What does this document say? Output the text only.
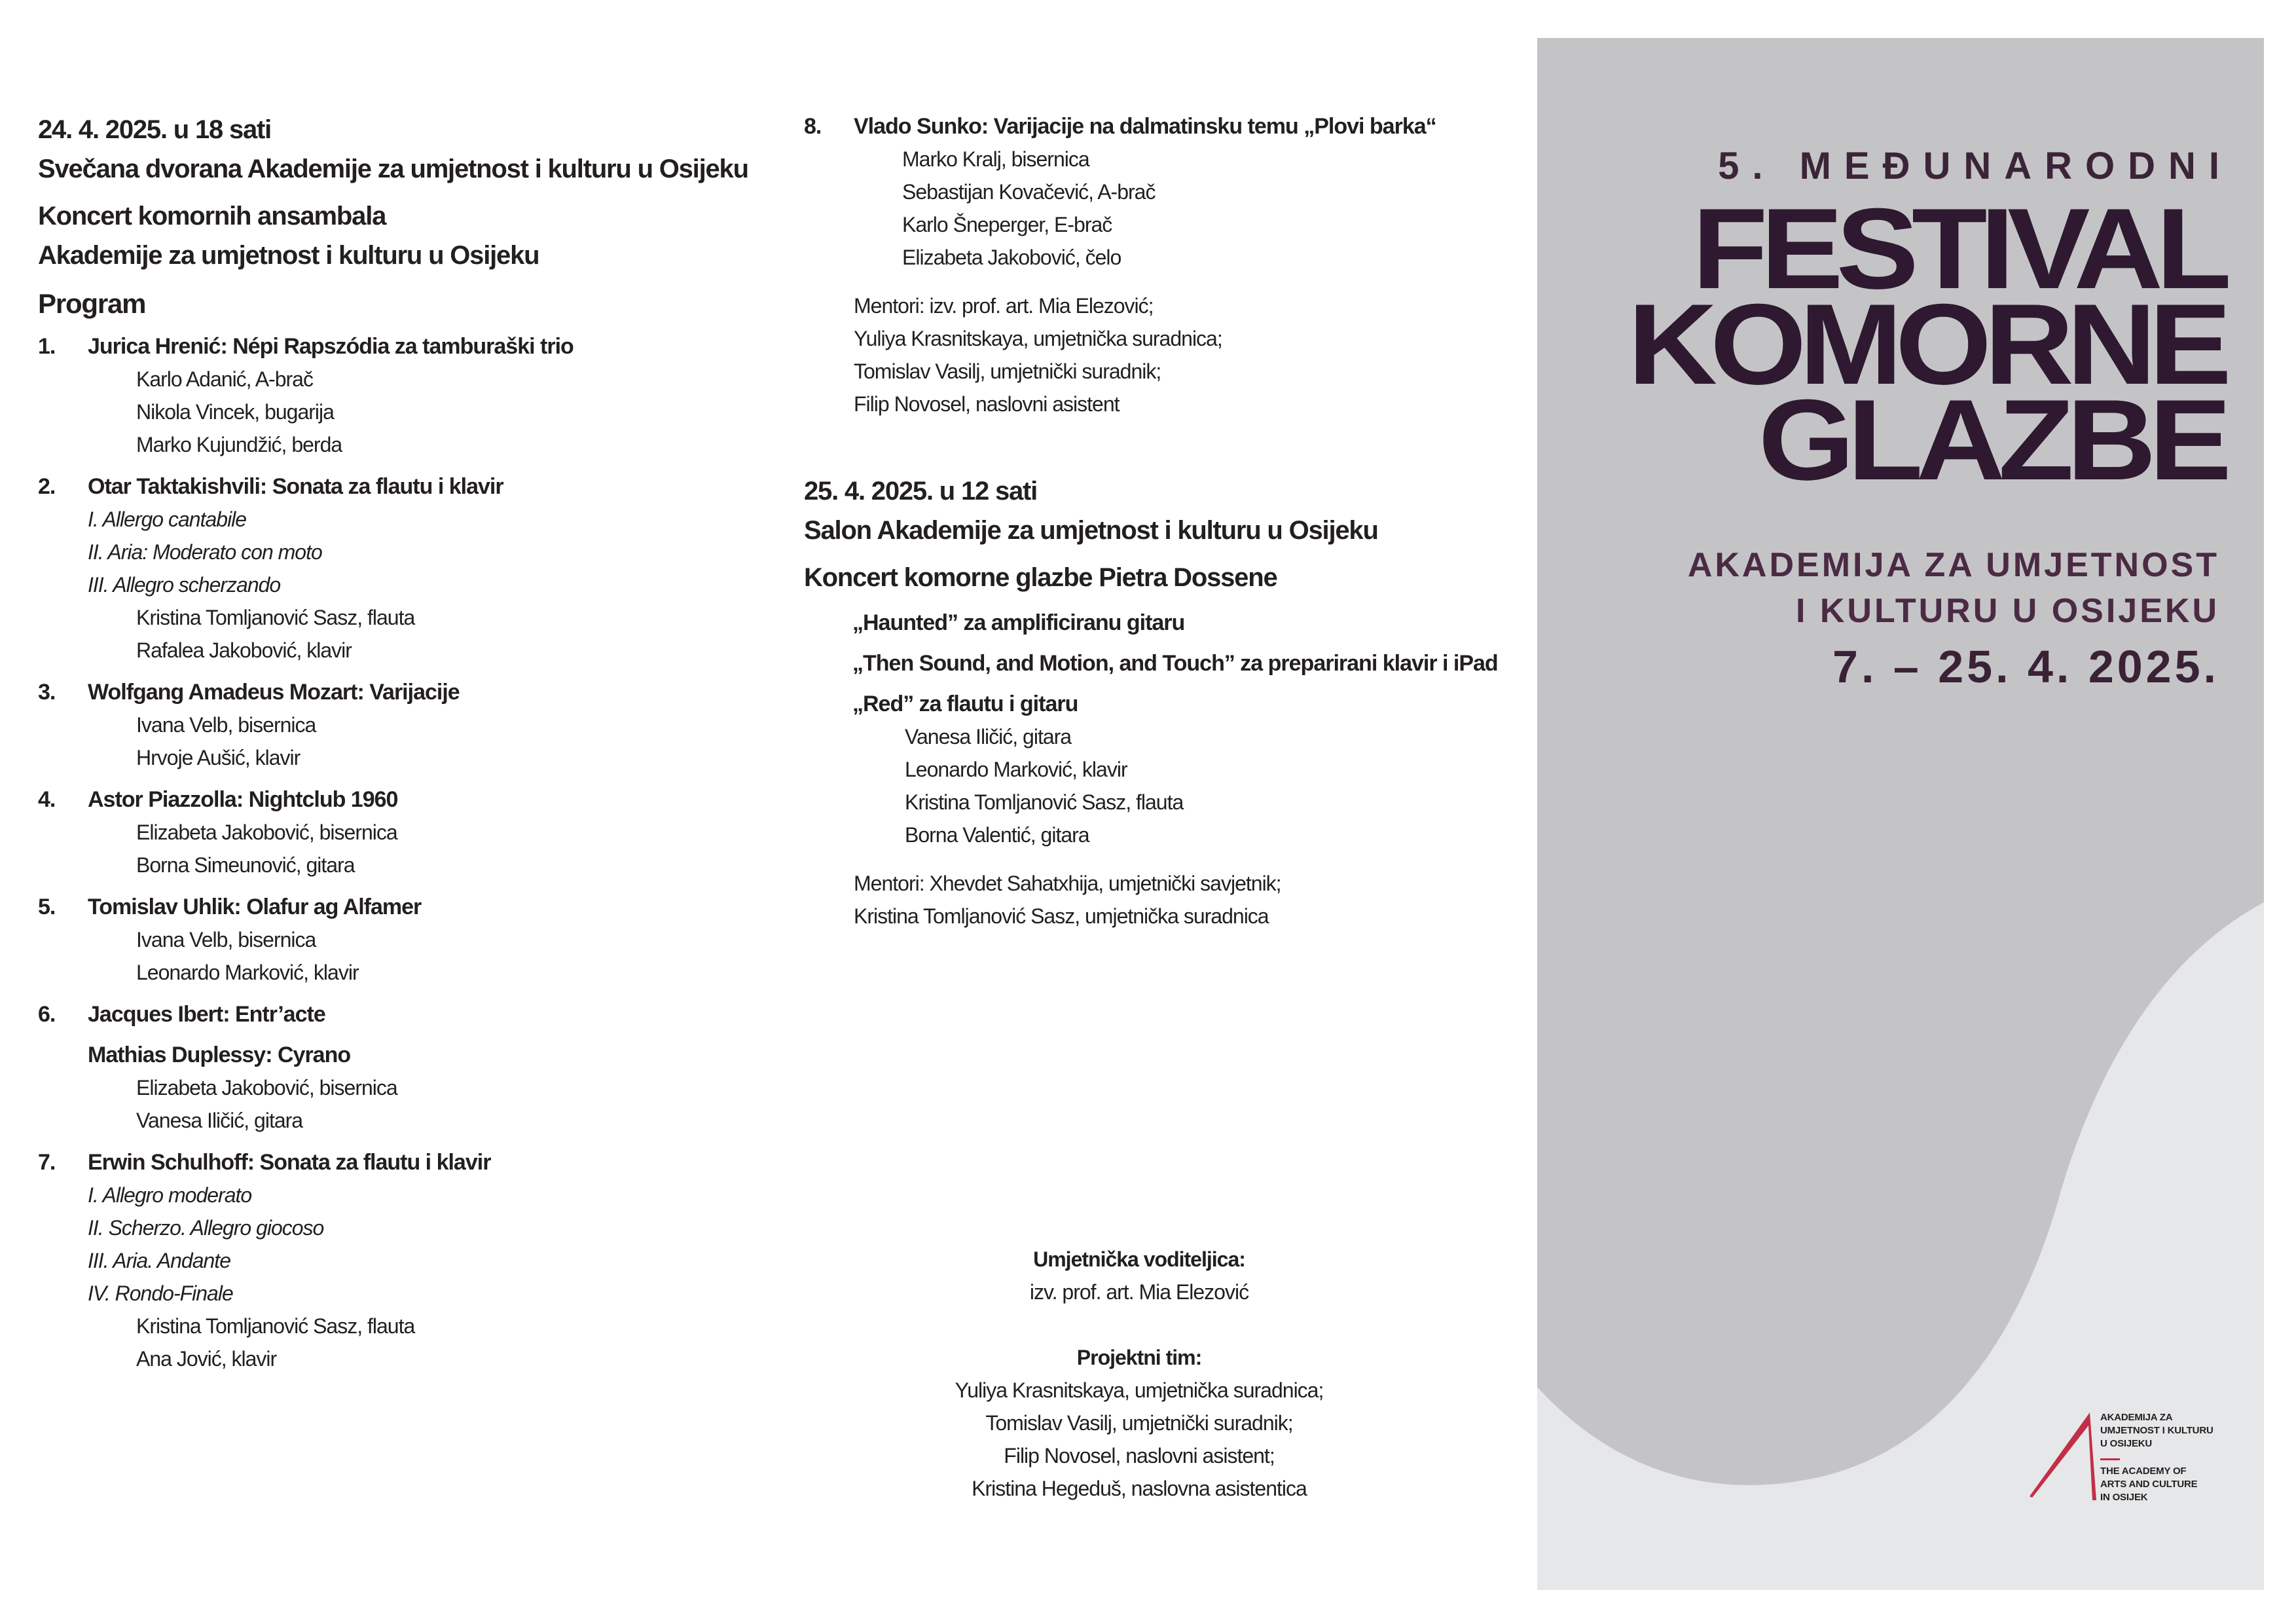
24. 4. 2025. u 18 sati
Svečana dvorana Akademije za umjetnost i kulturu u Osijeku
Koncert komornih ansambala
Akademije za umjetnost i kulturu u Osijeku
Program
1. Jurica Hrenić: Népi Rapszódia za tamburaški trio
Karlo Adanić, A-brač
Nikola Vincek, bugarija
Marko Kujundžić, berda
2. Otar Taktakishvili: Sonata za flautu i klavir
I. Allergo cantabile
II. Aria: Moderato con moto
III. Allegro scherzando
Kristina Tomljanović Sasz, flauta
Rafalea Jakobović, klavir
3. Wolfgang Amadeus Mozart: Varijacije
Ivana Velb, bisernica
Hrvoje Aušić, klavir
4. Astor Piazzolla: Nightclub 1960
Elizabeta Jakobović, bisernica
Borna Simeunović, gitara
5. Tomislav Uhlik: Olafur ag Alfamer
Ivana Velb, bisernica
Leonardo Marković, klavir
6. Jacques Ibert: Entr’acte
Mathias Duplessy: Cyrano
Elizabeta Jakobović, bisernica
Vanesa Iličić, gitara
7. Erwin Schulhoff: Sonata za flautu i klavir
I. Allegro moderato
II. Scherzo. Allegro giocoso
III. Aria. Andante
IV. Rondo-Finale
Kristina Tomljanović Sasz, flauta
Ana Jović, klavir
8. Vlado Sunko: Varijacije na dalmatinsku temu „Plovi barka“
Marko Kralj, bisernica
Sebastijan Kovačević, A-brač
Karlo Šneperger, E-brač
Elizabeta Jakobović, čelo
Mentori: izv. prof. art. Mia Elezović;
Yuliya Krasnitskaya, umjetnička suradnica;
Tomislav Vasilj, umjetnički suradnik;
Filip Novosel, naslovni asistent
25. 4. 2025. u 12 sati
Salon Akademije za umjetnost i kulturu u Osijeku
Koncert komorne glazbe Pietra Dossene
„Haunted” za amplificiranu gitaru
„Then Sound, and Motion, and Touch” za preparirani klavir i iPad
„Red” za flautu i gitaru
Vanesa Iličić, gitara
Leonardo Marković, klavir
Kristina Tomljanović Sasz, flauta
Borna Valentić, gitara
Mentori: Xhevdet Sahatxhija, umjetnički savjetnik;
Kristina Tomljanović Sasz, umjetnička suradnica
Umjetnička voditeljica:
izv. prof. art. Mia Elezović
Projektni tim:
Yuliya Krasnitskaya, umjetnička suradnica;
Tomislav Vasilj, umjetnički suradnik;
Filip Novosel, naslovni asistent;
Kristina Hegeduš, naslovna asistentica
5. MEĐUNARODNI
FESTIVAL
KOMORNE
GLAZBE
AKADEMIJA ZA UMJETNOST
I KULTURU U OSIJEKU
7. – 25. 4. 2025.
AKADEMIJA ZA
UMJETNOST I KULTURU
U OSIJEKU
THE ACADEMY OF
ARTS AND CULTURE
IN OSIJEK
